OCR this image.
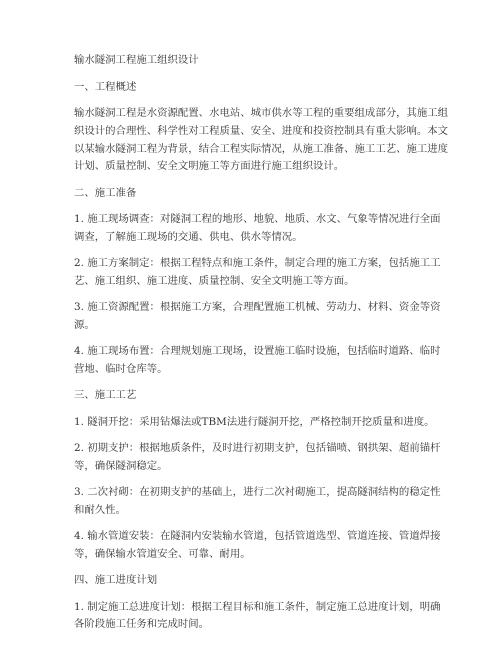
输水隧洞工程施工组织设计

一、工程概述

输水隧洞工程是水资源配置、水电站、城市供水等工程的重要组成部分，其施工组织设计的合理性、科学性对工程质量、安全、进度和投资控制具有重大影响。本文以某输水隧洞工程为背景，结合工程实际情况，从施工准备、施工工艺、施工进度计划、质量控制、安全文明施工等方面进行施工组织设计。

二、施工准备

1. 施工现场调查：对隧洞工程的地形、地貌、地质、水文、气象等情况进行全面调查，了解施工现场的交通、供电、供水等情况。

2. 施工方案制定：根据工程特点和施工条件，制定合理的施工方案，包括施工工艺、施工组织、施工进度、质量控制、安全文明施工等方面。

3. 施工资源配置：根据施工方案，合理配置施工机械、劳动力、材料、资金等资源。

4. 施工现场布置：合理规划施工现场，设置施工临时设施，包括临时道路、临时营地、临时仓库等。

三、施工工艺

1. 隧洞开挖：采用钻爆法或TBM法进行隧洞开挖，严格控制开挖质量和进度。

2. 初期支护：根据地质条件，及时进行初期支护，包括锚喷、钢拱架、超前锚杆等，确保隧洞稳定。

3. 二次衬砌：在初期支护的基础上，进行二次衬砌施工，提高隧洞结构的稳定性和耐久性。

4. 输水管道安装：在隧洞内安装输水管道，包括管道选型、管道连接、管道焊接等，确保输水管道安全、可靠、耐用。

四、施工进度计划

1. 制定施工总进度计划：根据工程目标和施工条件，制定施工总进度计划，明确各阶段施工任务和完成时间。
